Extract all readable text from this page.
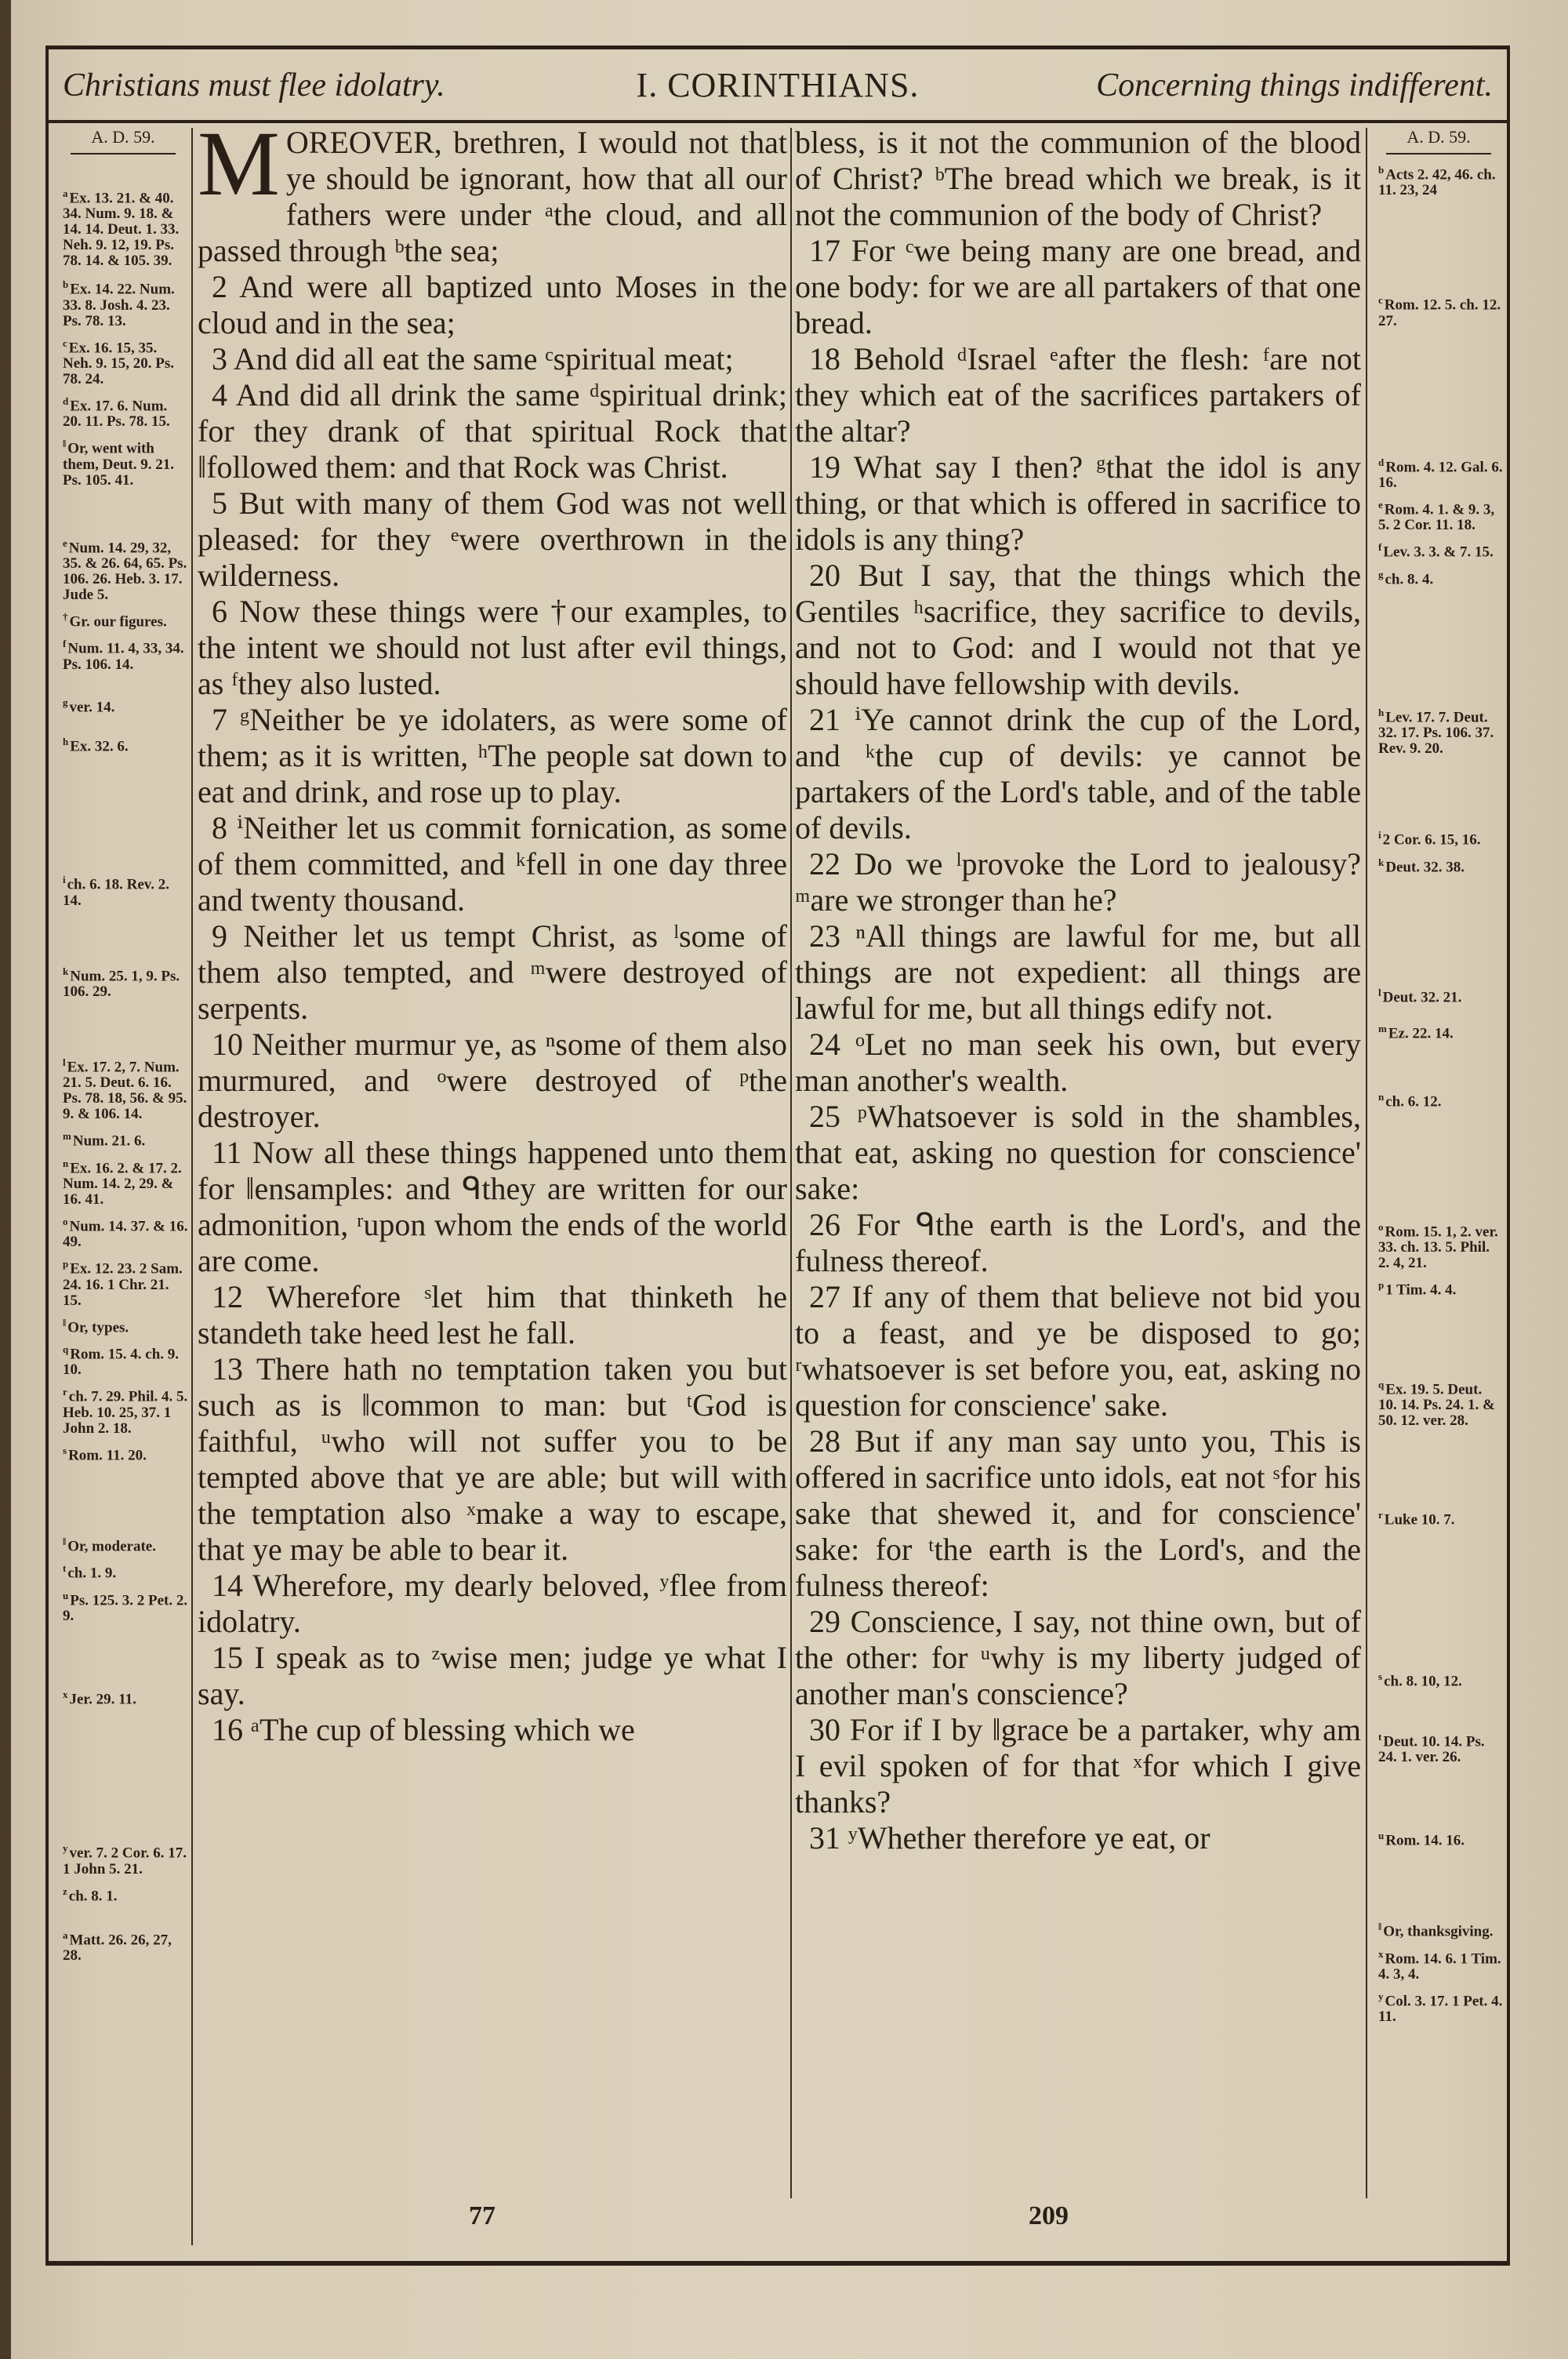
Christians must flee idolatry.	I. CORINTHIANS.	Concerning things indifferent.
A. D. 59.
$^a$ Ex. 13. 21. & 40. 34. Num. 9. 18. & 14. 14. Deut. 1. 33. Neh. 9. 12, 19. Ps. 78. 14. & 105. 39.
$^b$ Ex. 14. 22. Num. 33. 8. Josh. 4. 23. Ps. 78. 13.
$^c$ Ex. 16. 15, 35. Neh. 9. 15, 20. Ps. 78. 24.
$^d$ Ex. 17. 6. Num. 20. 11. Ps. 78. 15.
‖ Or, went with them, Deut. 9. 21. Ps. 105. 41.
$^e$ Num. 14. 29, 32, 35. & 26. 64, 65. Ps. 106. 26. Heb. 3. 17. Jude 5.
† Gr. our figures.
$^f$ Num. 11. 4, 33, 34. Ps. 106. 14.
$^g$ ver. 14.
$^h$ Ex. 32. 6.
$^i$ ch. 6. 18. Rev. 2. 14.
$^k$ Num. 25. 1, 9. Ps. 106. 29.
$^l$ Ex. 17. 2, 7. Num. 21. 5. Deut. 6. 16. Ps. 78. 18, 56. & 95. 9. & 106. 14.
$^m$ Num. 21. 6.
$^n$ Ex. 16. 2. & 17. 2. Num. 14. 2, 29. & 16. 41.
$^o$ Num. 14. 37. & 16. 49.
$^p$ Ex. 12. 23. 2 Sam. 24. 16. 1 Chr. 21. 15.
‖ Or, types.
$^q$ Rom. 15. 4. ch. 9. 10.
$^r$ ch. 7. 29. Phil. 4. 5. Heb. 10. 25, 37. 1 John 2. 18.
$^s$ Rom. 11. 20.
‖ Or, moderate.
$^t$ ch. 1. 9.
$^u$ Ps. 125. 3. 2 Pet. 2. 9.
$^x$ Jer. 29. 11.
$^y$ ver. 7. 2 Cor. 6. 17. 1 John 5. 21.
$^z$ ch. 8. 1.
$^a$ Matt. 26. 26, 27, 28.

MOREOVER, brethren, I would not that ye should be ignorant, how that all our fathers were under ᵃthe cloud, and all passed through ᵇthe sea;

2 And were all baptized unto Moses in the cloud and in the sea;

3 And did all eat the same ᶜspiritual meat;

4 And did all drink the same ᵈspiritual drink; for they drank of that spiritual Rock that ‖followed them: and that Rock was Christ.

5 But with many of them God was not well pleased: for they ᵉwere overthrown in the wilderness.

6 Now these things were †our examples, to the intent we should not lust after evil things, as ᶠthey also lusted.

7 ᵍNeither be ye idolaters, as were some of them; as it is written, ʰThe people sat down to eat and drink, and rose up to play.

8 ⁱNeither let us commit fornication, as some of them committed, and ᵏfell in one day three and twenty thousand.

9 Neither let us tempt Christ, as ˡsome of them also tempted, and ᵐwere destroyed of serpents.

10 Neither murmur ye, as ⁿsome of them also murmured, and ᵒwere destroyed of ᵖthe destroyer.

11 Now all these things happened unto them for ‖ensamples: and ᑫthey are written for our admonition, ʳupon whom the ends of the world are come.

12 Wherefore ˢlet him that thinketh he standeth take heed lest he fall.

13 There hath no temptation taken you but such as is ‖common to man: but ᵗGod is faithful, ᵘwho will not suffer you to be tempted above that ye are able; but will with the temptation also ˣmake a way to escape, that ye may be able to bear it.

14 Wherefore, my dearly beloved, ʸflee from idolatry.

15 I speak as to ᶻwise men; judge ye what I say.

16 ᵃThe cup of blessing which we

bless, is it not the communion of the blood of Christ? ᵇThe bread which we break, is it not the communion of the body of Christ?

17 For ᶜwe being many are one bread, and one body: for we are all partakers of that one bread.

18 Behold ᵈIsrael ᵉafter the flesh: ᶠare not they which eat of the sacrifices partakers of the altar?

19 What say I then? ᵍthat the idol is any thing, or that which is offered in sacrifice to idols is any thing?

20 But I say, that the things which the Gentiles ʰsacrifice, they sacrifice to devils, and not to God: and I would not that ye should have fellowship with devils.

21 ⁱYe cannot drink the cup of the Lord, and ᵏthe cup of devils: ye cannot be partakers of the Lord's table, and of the table of devils.

22 Do we ˡprovoke the Lord to jealousy? ᵐare we stronger than he?

23 ⁿAll things are lawful for me, but all things are not expedient: all things are lawful for me, but all things edify not.

24 ᵒLet no man seek his own, but every man another's wealth.

25 ᵖWhatsoever is sold in the shambles, that eat, asking no question for conscience' sake:

26 For ᑫthe earth is the Lord's, and the fulness thereof.

27 If any of them that believe not bid you to a feast, and ye be disposed to go; ʳwhatsoever is set before you, eat, asking no question for conscience' sake.

28 But if any man say unto you, This is offered in sacrifice unto idols, eat not ˢfor his sake that shewed it, and for conscience' sake: for ᵗthe earth is the Lord's, and the fulness thereof:

29 Conscience, I say, not thine own, but of the other: for ᵘwhy is my liberty judged of another man's conscience?

30 For if I by ‖grace be a partaker, why am I evil spoken of for that ˣfor which I give thanks?

31 ʸWhether therefore ye eat, or

A. D. 59.
$^b$ Acts 2. 42, 46. ch. 11. 23, 24
$^c$ Rom. 12. 5. ch. 12. 27.
$^d$ Rom. 4. 12. Gal. 6. 16.
$^e$ Rom. 4. 1. & 9. 3, 5. 2 Cor. 11. 18.
$^f$ Lev. 3. 3. & 7. 15.
$^g$ ch. 8. 4.
$^h$ Lev. 17. 7. Deut. 32. 17. Ps. 106. 37. Rev. 9. 20.
$^i$ 2 Cor. 6. 15, 16.
$^k$ Deut. 32. 38.
$^l$ Deut. 32. 21.
$^m$ Ez. 22. 14.
$^n$ ch. 6. 12.
$^o$ Rom. 15. 1, 2. ver. 33. ch. 13. 5. Phil. 2. 4, 21.
$^p$ 1 Tim. 4. 4.
$^q$ Ex. 19. 5. Deut. 10. 14. Ps. 24. 1. & 50. 12. ver. 28.
$^r$ Luke 10. 7.
$^s$ ch. 8. 10, 12.
$^t$ Deut. 10. 14. Ps. 24. 1. ver. 26.
$^u$ Rom. 14. 16.
‖ Or, thanksgiving.
$^x$ Rom. 14. 6. 1 Tim. 4. 3, 4.
$^y$ Col. 3. 17. 1 Pet. 4. 11.
77	209
